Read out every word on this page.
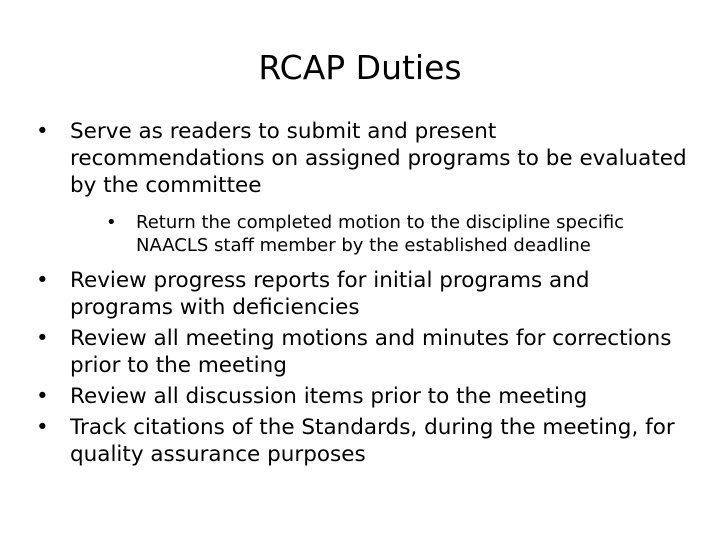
RCAP Duties
• Serve as readers to submit and present recommendations on assigned programs to be evaluated by the committee
•	Return the completed motion to the discipline specific NAACLS staff member by the established deadline
• Review progress reports for initial programs and programs with deficiencies
• Review all meeting motions and minutes for corrections prior to the meeting
• Review all discussion items prior to the meeting
• Track citations of the Standards, during the meeting, for quality assurance purposes
